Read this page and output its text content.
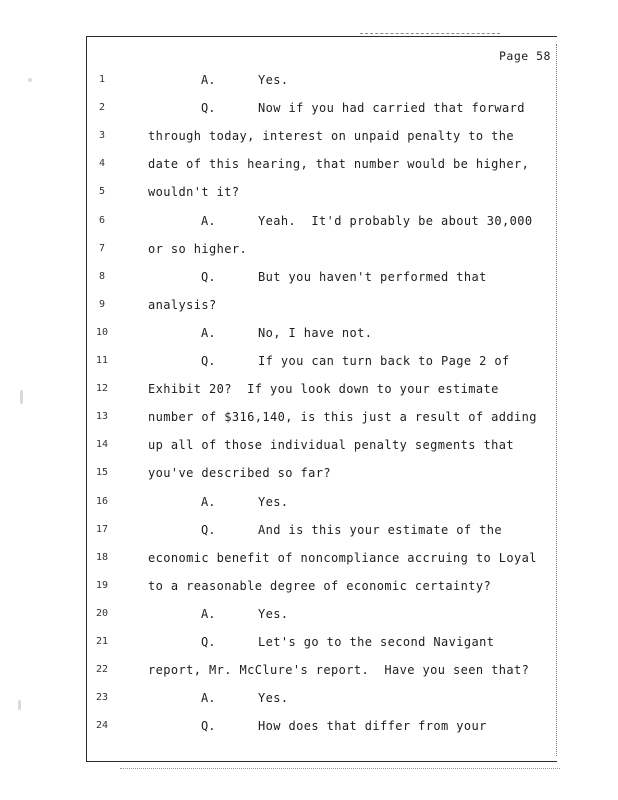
Page 58
1	A.	Yes.
2	Q.	Now if you had carried that forward
3	through today, interest on unpaid penalty to the
4	date of this hearing, that number would be higher,
5	wouldn't it?
6	A.	Yeah.  It'd probably be about 30,000
7	or so higher.
8	Q.	But you haven't performed that
9	analysis?
10	A.	No, I have not.
11	Q.	If you can turn back to Page 2 of
12	Exhibit 20?  If you look down to your estimate
13	number of $316,140, is this just a result of adding
14	up all of those individual penalty segments that
15	you've described so far?
16	A.	Yes.
17	Q.	And is this your estimate of the
18	economic benefit of noncompliance accruing to Loyal
19	to a reasonable degree of economic certainty?
20	A.	Yes.
21	Q.	Let's go to the second Navigant
22	report, Mr. McClure's report.  Have you seen that?
23	A.	Yes.
24	Q.	How does that differ from your
